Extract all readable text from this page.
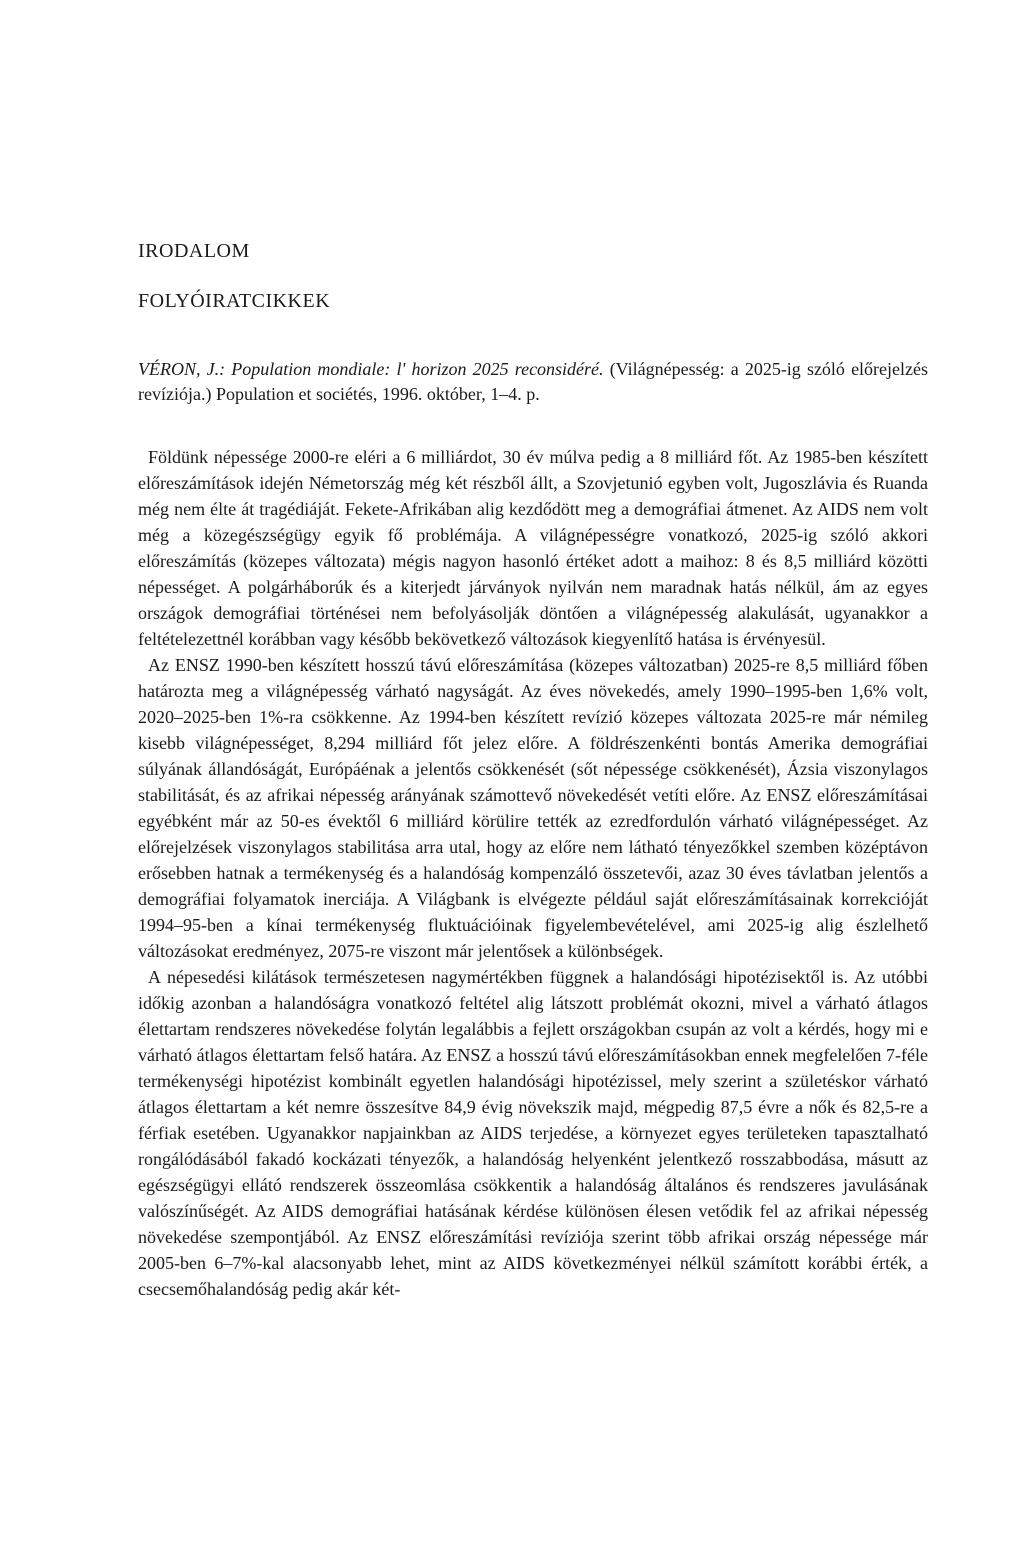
IRODALOM
FOLYÓIRATCIKKEK

VÉRON, J.: Population mondiale: l' horizon 2025 reconsidéré. (Világnépesség: a 2025-ig szóló előrejelzés revíziója.) Population et sociétés, 1996. október, 1–4. p.

Földünk népessége 2000-re eléri a 6 milliárdot, 30 év múlva pedig a 8 milliárd főt. Az 1985-ben készített előreszámítások idején Németország még két részből állt, a Szovjetunió egyben volt, Jugoszlávia és Ruanda még nem élte át tragédiáját. Fekete-Afrikában alig kezdődött meg a demográfiai átmenet. Az AIDS nem volt még a közegészségügy egyik fő problémája. A világnépességre vonatkozó, 2025-ig szóló akkori előreszámítás (közepes változata) mégis nagyon hasonló értéket adott a maihoz: 8 és 8,5 milliárd közötti népességet. A polgárháborúk és a kiterjedt járványok nyilván nem maradnak hatás nélkül, ám az egyes országok demográfiai történései nem befolyásolják döntően a világnépesség alakulását, ugyanakkor a feltételezettnél korábban vagy később bekövetkező változások kiegyenlítő hatása is érvényesül.

Az ENSZ 1990-ben készített hosszú távú előreszámítása (közepes változatban) 2025-re 8,5 milliárd főben határozta meg a világnépesség várható nagyságát. Az éves növekedés, amely 1990–1995-ben 1,6% volt, 2020–2025-ben 1%-ra csökkenne. Az 1994-ben készített revízió közepes változata 2025-re már némileg kisebb világnépességet, 8,294 milliárd főt jelez előre. A földrészenkénti bontás Amerika demográfiai súlyának állandóságát, Európáénak a jelentős csökkenését (sőt népessége csökkenését), Ázsia viszonylagos stabilitását, és az afrikai népesség arányának számottevő növekedését vetíti előre. Az ENSZ előreszámításai egyébként már az 50-es évektől 6 milliárd körülire tették az ezredfordulón várható világnépességet. Az előrejelzések viszonylagos stabilitása arra utal, hogy az előre nem látható tényezőkkel szemben középtávon erősebben hatnak a termékenység és a halandóság kompenzáló összetevői, azaz 30 éves távlatban jelentős a demográfiai folyamatok inerciája. A Világbank is elvégezte például saját előreszámításainak korrekcióját 1994–95-ben a kínai termékenység fluktuációinak figyelembevételével, ami 2025-ig alig észlelhető változásokat eredményez, 2075-re viszont már jelentősek a különbségek.

A népesedési kilátások természetesen nagymértékben függnek a halandósági hipotézisektől is. Az utóbbi időkig azonban a halandóságra vonatkozó feltétel alig látszott problémát okozni, mivel a várható átlagos élettartam rendszeres növekedése folytán legalábbis a fejlett országokban csupán az volt a kérdés, hogy mi e várható átlagos élettartam felső határa. Az ENSZ a hosszú távú előreszámításokban ennek megfelelően 7-féle termékenységi hipotézist kombinált egyetlen halandósági hipotézissel, mely szerint a születéskor várható átlagos élettartam a két nemre összesítve 84,9 évig növekszik majd, mégpedig 87,5 évre a nők és 82,5-re a férfiak esetében. Ugyanakkor napjainkban az AIDS terjedése, a környezet egyes területeken tapasztalható rongálódásából fakadó kockázati tényezők, a halandóság helyenként jelentkező rosszabbodása, másutt az egészségügyi ellátó rendszerek összeomlása csökkentik a halandóság általános és rendszeres javulásának valószínűségét. Az AIDS demográfiai hatásának kérdése különösen élesen vetődik fel az afrikai népesség növekedése szempontjából. Az ENSZ előreszámítási revíziója szerint több afrikai ország népessége már 2005-ben 6–7%-kal alacsonyabb lehet, mint az AIDS következményei nélkül számított korábbi érték, a csecsemőhalandóság pedig akár két-
